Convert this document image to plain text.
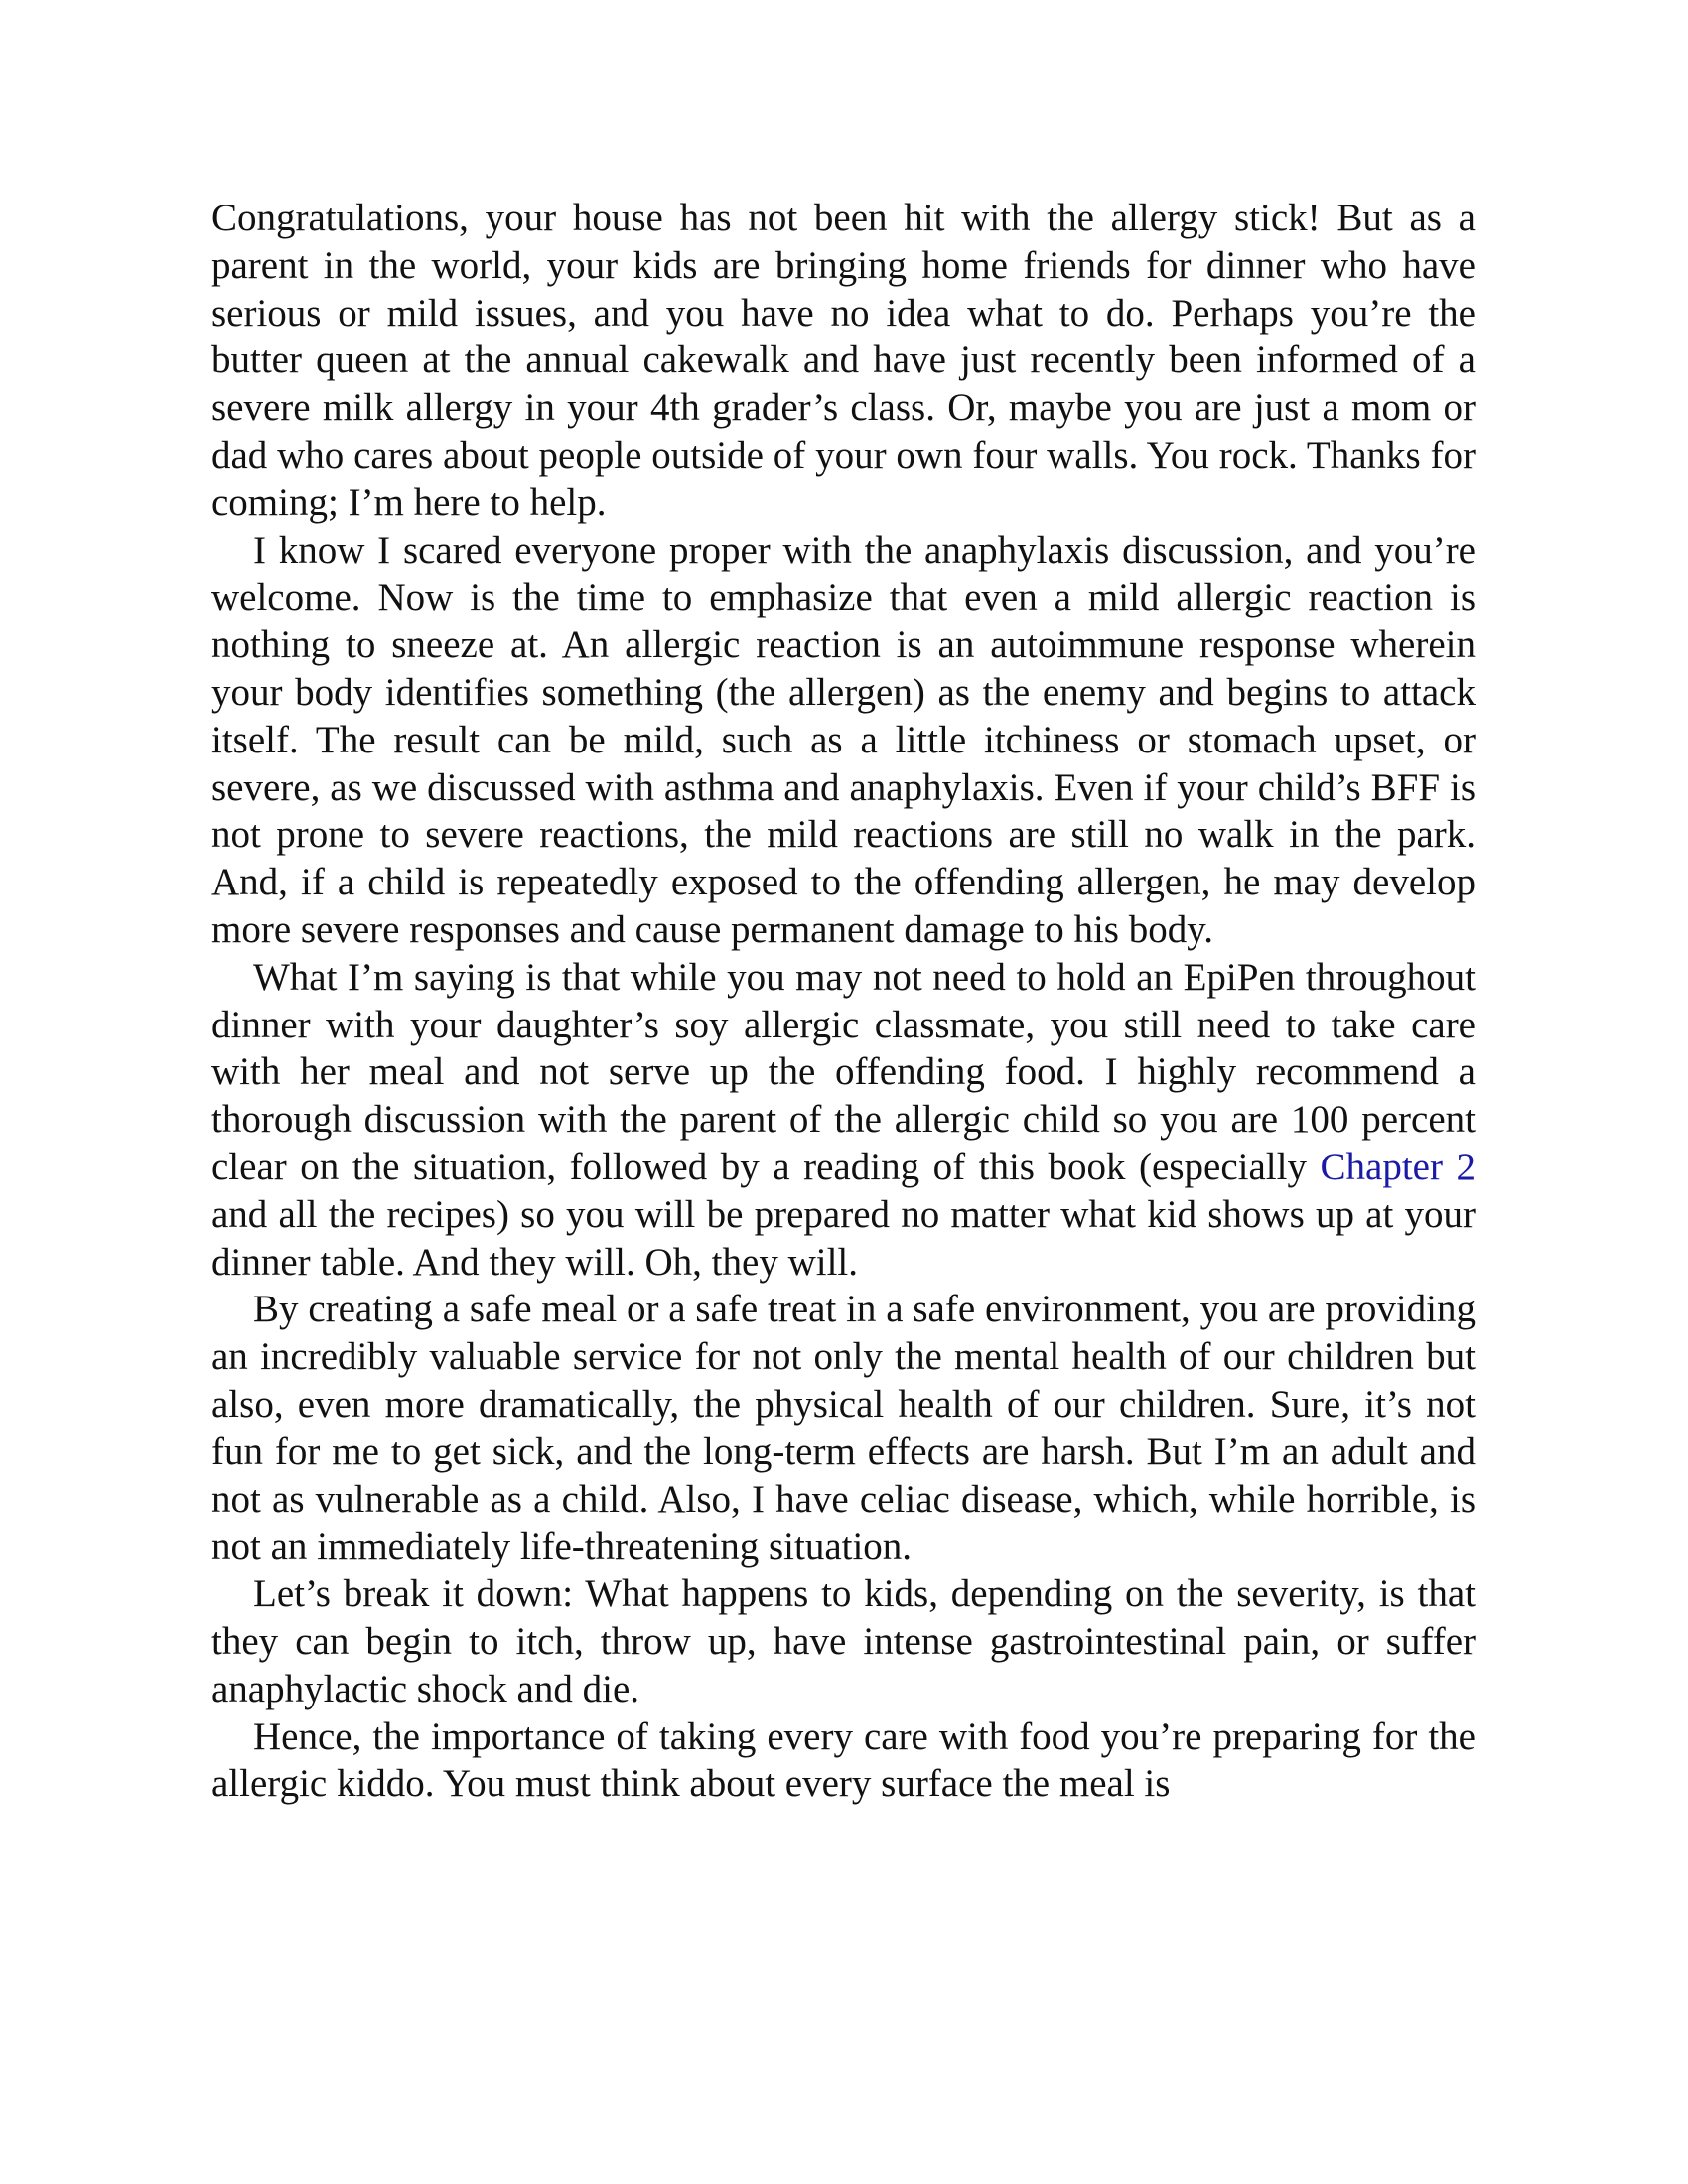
Congratulations, your house has not been hit with the allergy stick! But as a parent in the world, your kids are bringing home friends for dinner who have serious or mild issues, and you have no idea what to do. Perhaps you’re the butter queen at the annual cakewalk and have just recently been informed of a severe milk allergy in your 4th grader’s class. Or, maybe you are just a mom or dad who cares about people outside of your own four walls. You rock. Thanks for coming; I’m here to help.

I know I scared everyone proper with the anaphylaxis discussion, and you’re welcome. Now is the time to emphasize that even a mild allergic reaction is nothing to sneeze at. An allergic reaction is an autoimmune response wherein your body identifies something (the allergen) as the enemy and begins to attack itself. The result can be mild, such as a little itchiness or stomach upset, or severe, as we discussed with asthma and anaphylaxis. Even if your child’s BFF is not prone to severe reactions, the mild reactions are still no walk in the park. And, if a child is repeatedly exposed to the offending allergen, he may develop more severe responses and cause permanent damage to his body.

What I’m saying is that while you may not need to hold an EpiPen throughout dinner with your daughter’s soy allergic classmate, you still need to take care with her meal and not serve up the offending food. I highly recommend a thorough discussion with the parent of the allergic child so you are 100 percent clear on the situation, followed by a reading of this book (especially Chapter 2 and all the recipes) so you will be prepared no matter what kid shows up at your dinner table. And they will. Oh, they will.

By creating a safe meal or a safe treat in a safe environment, you are providing an incredibly valuable service for not only the mental health of our children but also, even more dramatically, the physical health of our children. Sure, it’s not fun for me to get sick, and the long-term effects are harsh. But I’m an adult and not as vulnerable as a child. Also, I have celiac disease, which, while horrible, is not an immediately life-threatening situation.

Let’s break it down: What happens to kids, depending on the severity, is that they can begin to itch, throw up, have intense gastrointestinal pain, or suffer anaphylactic shock and die.

Hence, the importance of taking every care with food you’re preparing for the allergic kiddo. You must think about every surface the meal is
